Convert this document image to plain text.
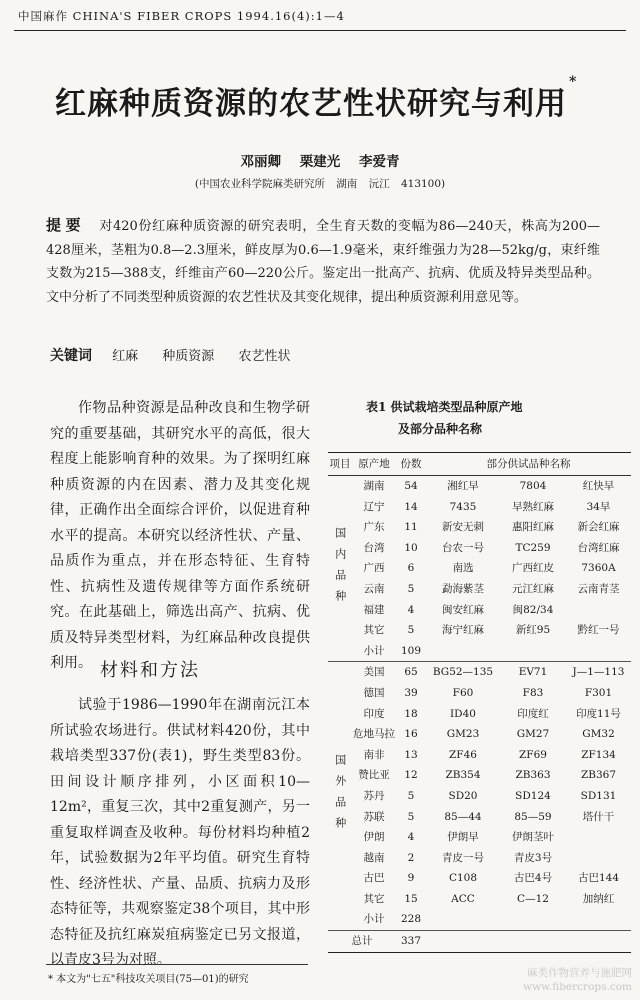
中国麻作 CHINA'S FIBER CROPS 1994.16(4):1—4
红麻种质资源的农艺性状研究与利用*
邓丽卿 栗建光 李爱青
(中国农业科学院麻类研究所 湖南 沅江 413100)
提要 对420份红麻种质资源的研究表明，全生育天数的变幅为86—240天，株高为200—428厘米，茎粗为0.8—2.3厘米，鲜皮厚为0.6—1.9毫米，束纤维强力为28—52kg/g，束纤维支数为215—388支，纤维亩产60—220公斤。鉴定出一批高产、抗病、优质及特异类型品种。文中分析了不同类型种质资源的农艺性状及其变化规律，提出种质资源利用意见等。
关键词 红麻 种质资源 农艺性状
作物品种资源是品种改良和生物学研究的重要基础，其研究水平的高低，很大程度上能影响育种的效果。为了探明红麻种质资源的内在因素、潜力及其变化规律，正确作出全面综合评价，以促进育种水平的提高。本研究以经济性状、产量、品质作为重点，并在形态特征、生育特性、抗病性及遗传规律等方面作系统研究。在此基础上，筛选出高产、抗病、优质及特异类型材料，为红麻品种改良提供利用。 材料和方法
试验于1986—1990年在湖南沅江本所试验农场进行。供试材料420份，其中栽培类型337份(表1)，野生类型83份。田间设计顺序排列，小区面积10—12m²，重复三次，其中2重复测产，另一重复取样调查及收种。每份材料均种植2年，试验数据为2年平均值。研究生育特性、经济性状、产量、品质、抗病力及形态特征等，共观察鉴定38个项目，其中形态特征及抗红麻炭疽病鉴定已另文报道，以青皮3号为对照。
* 本文为"七五"科技攻关项目(75—01)的研究
麻类作物营养与施肥网
www.fibercrops.com
表1 供试栽培类型品种原产地
及部分品种名称
项目	原产地	份数	部分供试品种名称		
国内品种	湖南	54	湘红早	7804	红快早
	辽宁	14	7435	早熟红麻	34早
	广东	11	新安无刺	惠阳红麻	新会红麻
	台湾	10	台农一号	TC259	台湾红麻
	广西	6	南选	广西红皮	7360A
	云南	5	勐海紫茎	元江红麻	云南青茎
	福建	4	闽安红麻	闽82/34	
	其它	5	海宁红麻	新红95	黔红一号
	小计	109			
国外品种	美国	65	BG52—135	EV71	J—1—113
	德国	39	F60	F83	F301
	印度	18	ID40	印度红	印度11号
	危地马拉	16	GM23	GM27	GM32
	南非	13	ZF46	ZF69	ZF134
	赞比亚	12	ZB354	ZB363	ZB367
	苏丹	5	SD20	SD124	SD131
	苏联	5	85—44	85—59	塔什干
	伊朗	4	伊朗早	伊朗茎叶	
	越南	2	青皮一号	青皮3号	
	古巴	9	C108	古巴4号	古巴144
	其它	15	ACC	C—12	加纳红
	小计	228			
总计		337			
